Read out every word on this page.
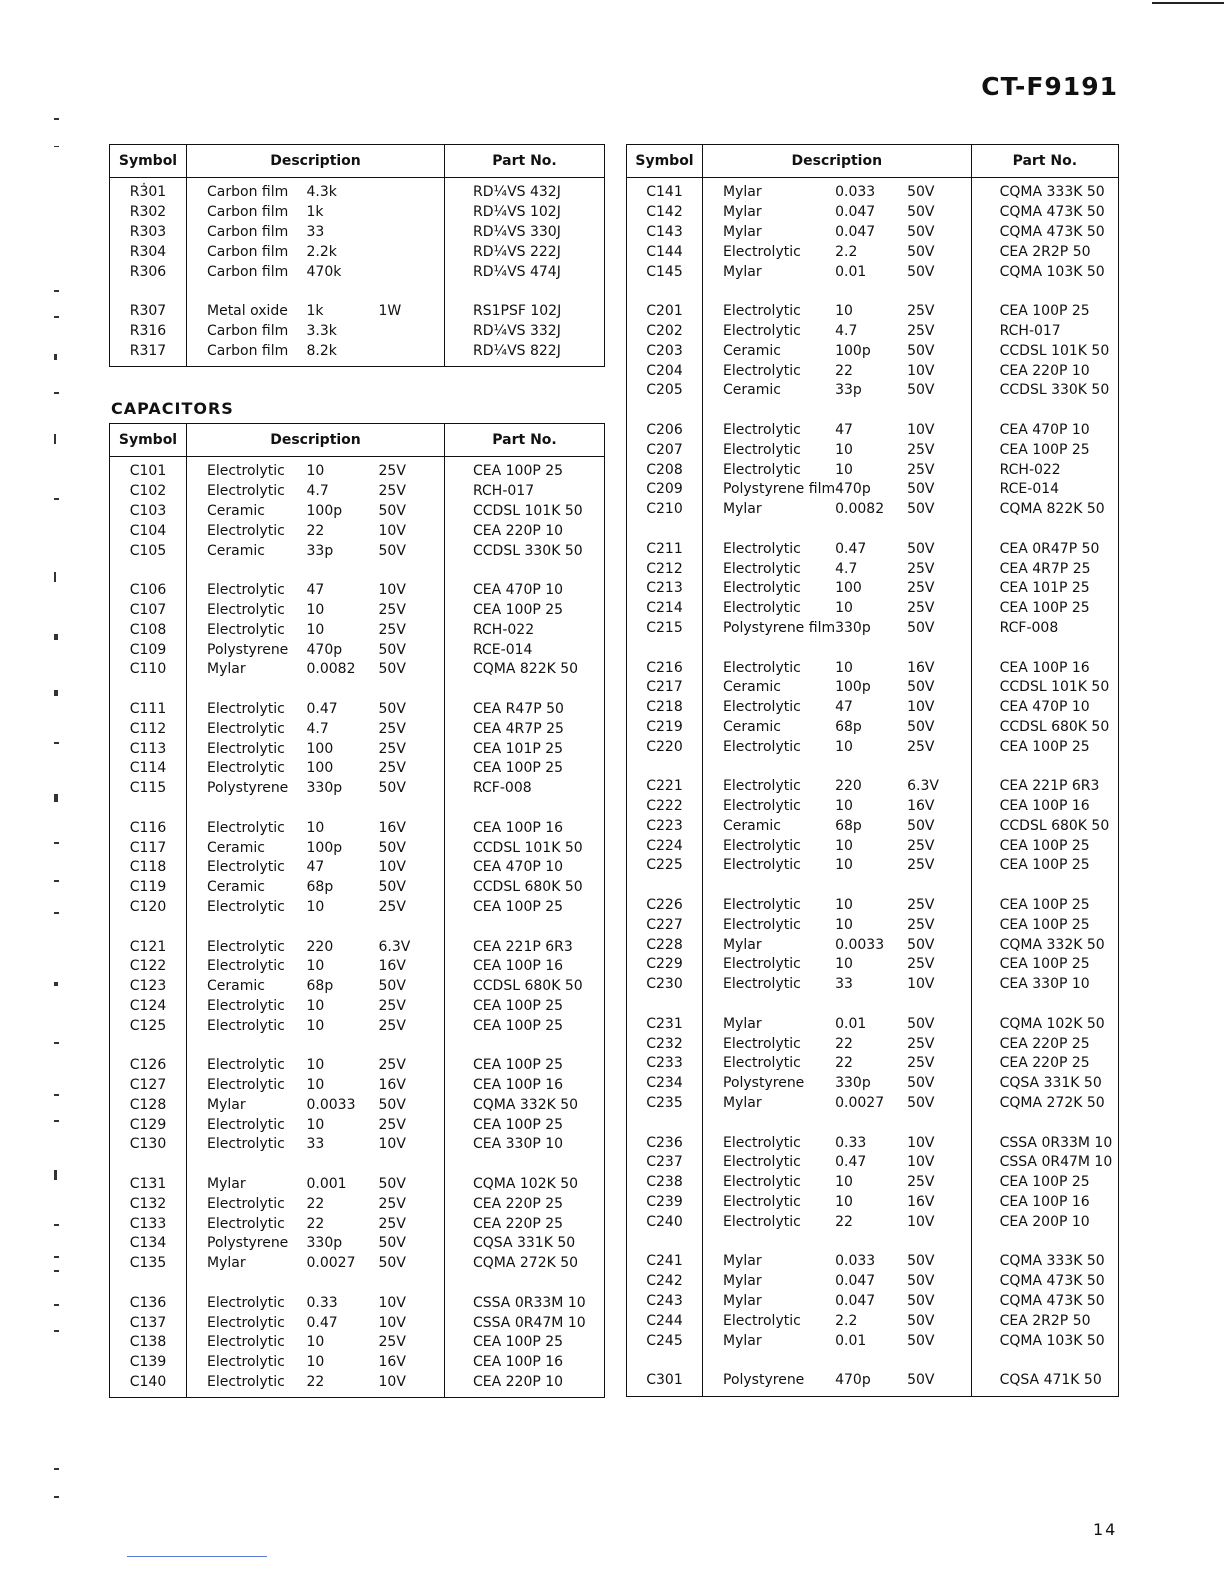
CT-F9191
Symbol	Description			Part No.

R3̇01	Carbon film	4.3k		RD¼VS 432J
R302	Carbon film	1k		RD¼VS 102J
R303	Carbon film	33		RD¼VS 330J
R304	Carbon film	2.2k		RD¼VS 222J
R306	Carbon film	470k		RD¼VS 474J

R307	Metal oxide	1k	1W	RS1PSF 102J
R316	Carbon film	3.3k		RD¼VS 332J
R317	Carbon film	8.2k		RD¼VS 822J

CAPACITORS
Symbol	Description			Part No.

C101	Electrolytic	10	25V	CEA 100P 25
C102	Electrolytic	4.7	25V	RCH-017
C103	Ceramic	100p	50V	CCDSL 101K 50
C104	Electrolytic	22	10V	CEA 220P 10
C105	Ceramic	33p	50V	CCDSL 330K 50

C106	Electrolytic	47	10V	CEA 470P 10
C107	Electrolytic	10	25V	CEA 100P 25
C108	Electrolytic	10	25V	RCH-022
C109	Polystyrene	470p	50V	RCE-014
C110	Mylar	0.0082	50V	CQMA 822K 50

C111	Electrolytic	0.47	50V	CEA R47P 50
C112	Electrolytic	4.7	25V	CEA 4R7P 25
C113	Electrolytic	100	25V	CEA 101P 25
C114	Electrolytic	100	25V	CEA 100P 25
C115	Polystyrene	330p	50V	RCF-008

C116	Electrolytic	10	16V	CEA 100P 16
C117	Ceramic	100p	50V	CCDSL 101K 50
C118	Electrolytic	47	10V	CEA 470P 10
C119	Ceramic	68p	50V	CCDSL 680K 50
C120	Electrolytic	10	25V	CEA 100P 25

C121	Electrolytic	220	6.3V	CEA 221P 6R3
C122	Electrolytic	10	16V	CEA 100P 16
C123	Ceramic	68p	50V	CCDSL 680K 50
C124	Electrolytic	10	25V	CEA 100P 25
C125	Electrolytic	10	25V	CEA 100P 25

C126	Electrolytic	10	25V	CEA 100P 25
C127	Electrolytic	10	16V	CEA 100P 16
C128	Mylar	0.0033	50V	CQMA 332K 50
C129	Electrolytic	10	25V	CEA 100P 25
C130	Electrolytic	33	10V	CEA 330P 10

C131	Mylar	0.001	50V	CQMA 102K 50
C132	Electrolytic	22	25V	CEA 220P 25
C133	Electrolytic	22	25V	CEA 220P 25
C134	Polystyrene	330p	50V	CQSA 331K 50
C135	Mylar	0.0027	50V	CQMA 272K 50

C136	Electrolytic	0.33	10V	CSSA 0R33M 10
C137	Electrolytic	0.47	10V	CSSA 0R47M 10
C138	Electrolytic	10	25V	CEA 100P 25
C139	Electrolytic	10	16V	CEA 100P 16
C140	Electrolytic	22	10V	CEA 220P 10

Symbol	Description			Part No.

C141	Mylar	0.033	50V	CQMA 333K 50
C142	Mylar	0.047	50V	CQMA 473K 50
C143	Mylar	0.047	50V	CQMA 473K 50
C144	Electrolytic	2.2	50V	CEA 2R2P 50
C145	Mylar	0.01	50V	CQMA 103K 50

C201	Electrolytic	10	25V	CEA 100P 25
C202	Electrolytic	4.7	25V	RCH-017
C203	Ceramic	100p	50V	CCDSL 101K 50
C204	Electrolytic	22	10V	CEA 220P 10
C205	Ceramic	33p	50V	CCDSL 330K 50

C206	Electrolytic	47	10V	CEA 470P 10
C207	Electrolytic	10	25V	CEA 100P 25
C208	Electrolytic	10	25V	RCH-022
C209	Polystyrene film	470p	50V	RCE-014
C210	Mylar	0.0082	50V	CQMA 822K 50

C211	Electrolytic	0.47	50V	CEA 0R47P 50
C212	Electrolytic	4.7	25V	CEA 4R7P 25
C213	Electrolytic	100	25V	CEA 101P 25
C214	Electrolytic	10	25V	CEA 100P 25
C215	Polystyrene film	330p	50V	RCF-008

C216	Electrolytic	10	16V	CEA 100P 16
C217	Ceramic	100p	50V	CCDSL 101K 50
C218	Electrolytic	47	10V	CEA 470P 10
C219	Ceramic	68p	50V	CCDSL 680K 50
C220	Electrolytic	10	25V	CEA 100P 25

C221	Electrolytic	220	6.3V	CEA 221P 6R3
C222	Electrolytic	10	16V	CEA 100P 16
C223	Ceramic	68p	50V	CCDSL 680K 50
C224	Electrolytic	10	25V	CEA 100P 25
C225	Electrolytic	10	25V	CEA 100P 25

C226	Electrolytic	10	25V	CEA 100P 25
C227	Electrolytic	10	25V	CEA 100P 25
C228	Mylar	0.0033	50V	CQMA 332K 50
C229	Electrolytic	10	25V	CEA 100P 25
C230	Electrolytic	33	10V	CEA 330P 10

C231	Mylar	0.01	50V	CQMA 102K 50
C232	Electrolytic	22	25V	CEA 220P 25
C233	Electrolytic	22	25V	CEA 220P 25
C234	Polystyrene	330p	50V	CQSA 331K 50
C235	Mylar	0.0027	50V	CQMA 272K 50

C236	Electrolytic	0.33	10V	CSSA 0R33M 10
C237	Electrolytic	0.47	10V	CSSA 0R47M 10
C238	Electrolytic	10	25V	CEA 100P 25
C239	Electrolytic	10	16V	CEA 100P 16
C240	Electrolytic	22	10V	CEA 200P 10

C241	Mylar	0.033	50V	CQMA 333K 50
C242	Mylar	0.047	50V	CQMA 473K 50
C243	Mylar	0.047	50V	CQMA 473K 50
C244	Electrolytic	2.2	50V	CEA 2R2P 50
C245	Mylar	0.01	50V	CQMA 103K 50

C301	Polystyrene	470p	50V	CQSA 471K 50

14
